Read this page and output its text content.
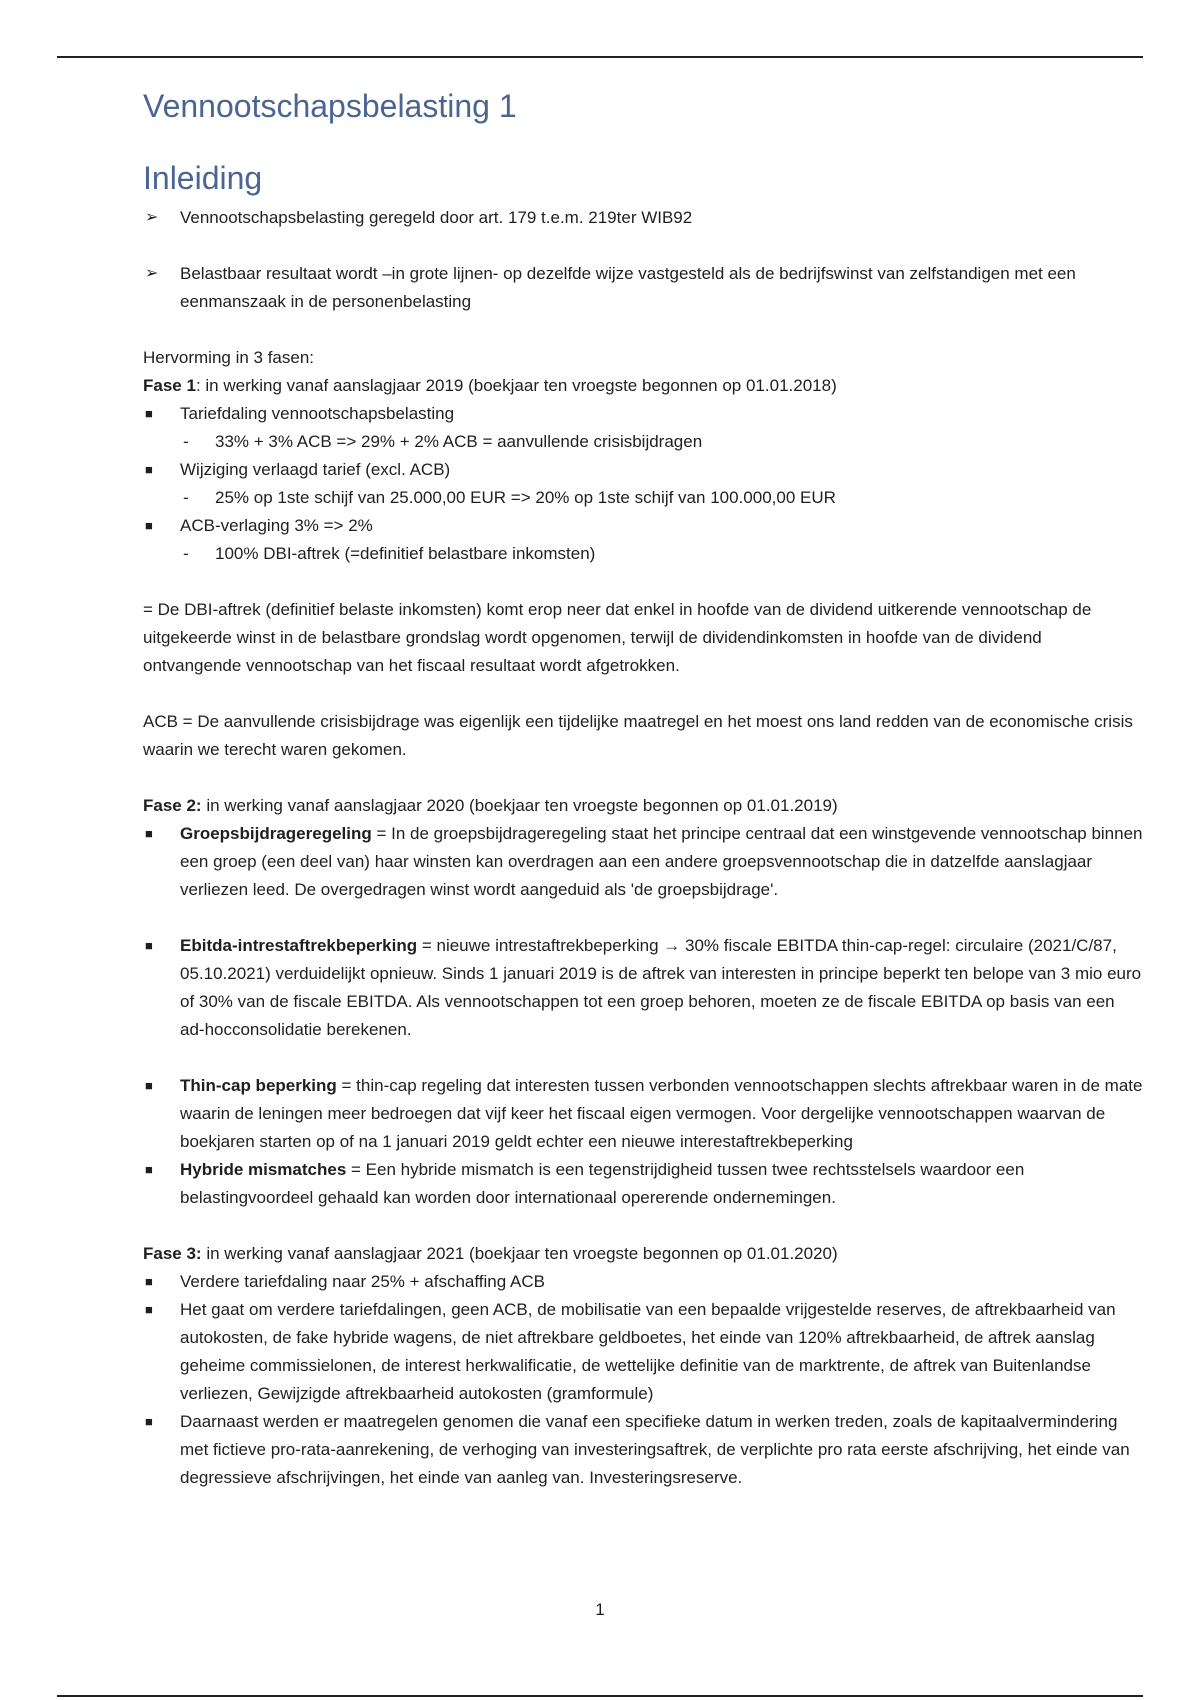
Vennootschapsbelasting 1
Inleiding
➢ Vennootschapsbelasting geregeld door art. 179 t.e.m. 219ter WIB92
➢ Belastbaar resultaat wordt –in grote lijnen- op dezelfde wijze vastgesteld als de bedrijfswinst van zelfstandigen met een eenmanszaak in de personenbelasting

Hervorming in 3 fasen:

Fase 1: in werking vanaf aanslagjaar 2019 (boekjaar ten vroegste begonnen op 01.01.2018)

■ Tariefdaling vennootschapsbelasting
- 33% + 3% ACB => 29% + 2% ACB = aanvullende crisisbijdragen
■ Wijziging verlaagd tarief (excl. ACB)
- 25% op 1ste schijf van 25.000,00 EUR => 20% op 1ste schijf van 100.000,00 EUR
■ ACB-verlaging 3% => 2%
- 100% DBI-aftrek (=definitief belastbare inkomsten)

= De DBI-aftrek (definitief belaste inkomsten) komt erop neer dat enkel in hoofde van de dividend uitkerende vennootschap de uitgekeerde winst in de belastbare grondslag wordt opgenomen, terwijl de dividendinkomsten in hoofde van de dividend ontvangende vennootschap van het fiscaal resultaat wordt afgetrokken.

ACB = De aanvullende crisisbijdrage was eigenlijk een tijdelijke maatregel en het moest ons land redden van de economische crisis waarin we terecht waren gekomen.

Fase 2: in werking vanaf aanslagjaar 2020 (boekjaar ten vroegste begonnen op 01.01.2019)

■ Groepsbijdrageregeling = In de groepsbijdrageregeling staat het principe centraal dat een winstgevende vennootschap binnen een groep (een deel van) haar winsten kan overdragen aan een andere groepsvennootschap die in datzelfde aanslagjaar verliezen leed. De overgedragen winst wordt aangeduid als 'de groepsbijdrage'.
■ Ebitda-intrestaftrekbeperking = nieuwe intrestaftrekbeperking → 30% fiscale EBITDA thin-cap-regel: circulaire (2021/C/87, 05.10.2021) verduidelijkt opnieuw. Sinds 1 januari 2019 is de aftrek van interesten in principe beperkt ten belope van 3 mio euro of 30% van de fiscale EBITDA. Als vennootschappen tot een groep behoren, moeten ze de fiscale EBITDA op basis van een ad-hocconsolidatie berekenen.
■ Thin-cap beperking = thin-cap regeling dat interesten tussen verbonden vennootschappen slechts aftrekbaar waren in de mate waarin de leningen meer bedroegen dat vijf keer het fiscaal eigen vermogen. Voor dergelijke vennootschappen waarvan de boekjaren starten op of na 1 januari 2019 geldt echter een nieuwe interestaftrekbeperking
■ Hybride mismatches = Een hybride mismatch is een tegenstrijdigheid tussen twee rechtsstelsels waardoor een belastingvoordeel gehaald kan worden door internationaal opererende ondernemingen.

Fase 3: in werking vanaf aanslagjaar 2021 (boekjaar ten vroegste begonnen op 01.01.2020)

■ Verdere tariefdaling naar 25% + afschaffing ACB
■ Het gaat om verdere tariefdalingen, geen ACB, de mobilisatie van een bepaalde vrijgestelde reserves, de aftrekbaarheid van autokosten, de fake hybride wagens, de niet aftrekbare geldboetes, het einde van 120% aftrekbaarheid, de aftrek aanslag geheime commissielonen, de interest herkwalificatie, de wettelijke definitie van de marktrente, de aftrek van Buitenlandse verliezen, Gewijzigde aftrekbaarheid autokosten (gramformule)
■ Daarnaast werden er maatregelen genomen die vanaf een specifieke datum in werken treden, zoals de kapitaalvermindering met fictieve pro-rata-aanrekening, de verhoging van investeringsaftrek, de verplichte pro rata eerste afschrijving, het einde van degressieve afschrijvingen, het einde van aanleg van. Investeringsreserve.
1
